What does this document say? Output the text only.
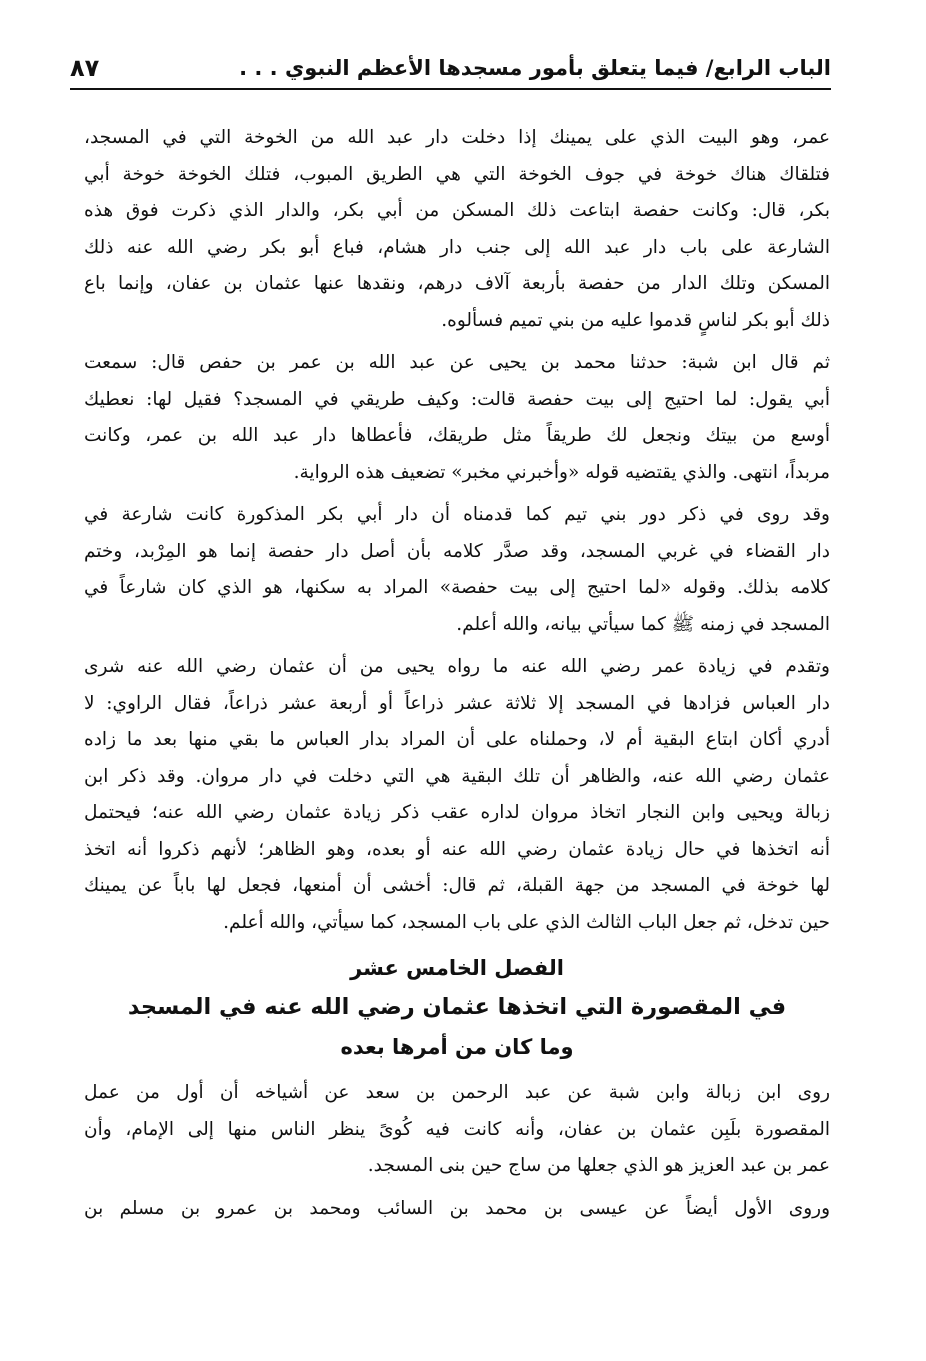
الباب الرابع/ فيما يتعلق بأمور مسجدها الأعظم النبوي . . .
٨٧
عمر، وهو البيت الذي على يمينك إذا دخلت دار عبد الله من الخوخة التي في المسجد،
فتلقاك هناك خوخة في جوف الخوخة التي هي الطريق المبوب، فتلك الخوخة خوخة أبي
بكر، قال: وكانت حفصة ابتاعت ذلك المسكن من أبي بكر، والدار الذي ذكرت فوق هذه
الشارعة على باب دار عبد الله إلى جنب دار هشام، فباع أبو بكر رضي الله عنه ذلك
المسكن وتلك الدار من حفصة بأربعة آلاف درهم، ونقدها عنها عثمان بن عفان، وإنما باع
ذلك أبو بكر لناسٍ قدموا عليه من بني تميم فسألوه.
ثم قال ابن شبة: حدثنا محمد بن يحيى عن عبد الله بن عمر بن حفص قال: سمعت
أبي يقول: لما احتيج إلى بيت حفصة قالت: وكيف طريقي في المسجد؟ فقيل لها: نعطيك
أوسع من بيتك ونجعل لك طريقاً مثل طريقك، فأعطاها دار عبد الله بن عمر، وكانت
مربداً، انتهى. والذي يقتضيه قوله «وأخبرني مخبر» تضعيف هذه الرواية.
وقد روى في ذكر دور بني تيم كما قدمناه أن دار أبي بكر المذكورة كانت شارعة في
دار القضاء في غربي المسجد، وقد صدَّر كلامه بأن أصل دار حفصة إنما هو المِرْبد، وختم
كلامه بذلك. وقوله «لما احتيج إلى بيت حفصة» المراد به سكنها، هو الذي كان شارعاً في
المسجد في زمنه ﷺ كما سيأتي بيانه، والله أعلم.
وتقدم في زيادة عمر رضي الله عنه ما رواه يحيى من أن عثمان رضي الله عنه شرى
دار العباس فزادها في المسجد إلا ثلاثة عشر ذراعاً أو أربعة عشر ذراعاً، فقال الراوي: لا
أدري أكان ابتاع البقية أم لا، وحملناه على أن المراد بدار العباس ما بقي منها بعد ما زاده
عثمان رضي الله عنه، والظاهر أن تلك البقية هي التي دخلت في دار مروان. وقد ذكر ابن
زبالة ويحيى وابن النجار اتخاذ مروان لداره عقب ذكر زيادة عثمان رضي الله عنه؛ فيحتمل
أنه اتخذها في حال زيادة عثمان رضي الله عنه أو بعده، وهو الظاهر؛ لأنهم ذكروا أنه اتخذ
لها خوخة في المسجد من جهة القبلة، ثم قال: أخشى أن أمنعها، فجعل لها باباً عن يمينك
حين تدخل، ثم جعل الباب الثالث الذي على باب المسجد، كما سيأتي، والله أعلم.
الفصل الخامس عشر
في المقصورة التي اتخذها عثمان رضي الله عنه في المسجد
وما كان من أمرها بعده
روى ابن زبالة وابن شبة عن عبد الرحمن بن سعد عن أشياخه أن أول من عمل
المقصورة بلَبِن عثمان بن عفان، وأنه كانت فيه كُوىً ينظر الناس منها إلى الإمام، وأن
عمر بن عبد العزيز هو الذي جعلها من ساج حين بنى المسجد.
وروى الأول أيضاً عن عيسى بن محمد بن السائب ومحمد بن عمرو بن مسلم بن
